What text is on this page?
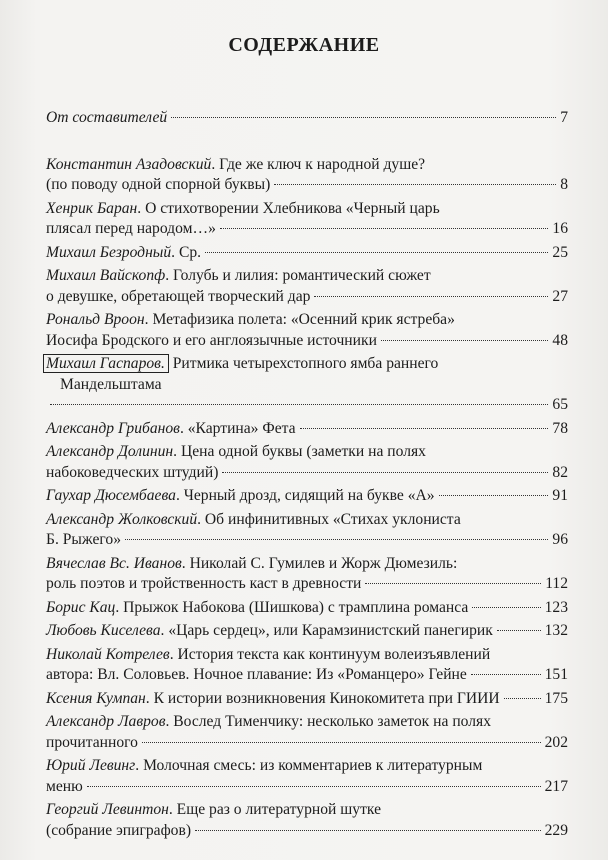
СОДЕРЖАНИЕ
От составителей	7
Константин Азадовский. Где же ключ к народной душе?
(по поводу одной спорной буквы)	8
Хенрик Баран. О стихотворении Хлебникова «Черный царь
плясал перед народом…»	16
Михаил Безродный. Ср.	25
Михаил Вайскопф. Голубь и лилия: романтический сюжет
о девушке, обретающей творческий дар	27
Рональд Вроон. Метафизика полета: «Осенний крик ястреба»
Иосифа Бродского и его англоязычные источники	48
Михаил Гаспаров. Ритмика четырехстопного ямба раннего
Мандельштама
65
Александр Грибанов. «Картина» Фета	78
Александр Долинин. Цена одной буквы (заметки на полях
набоковедческих штудий)	82
Гаухар Дюсембаева. Черный дрозд, сидящий на букве «А»	91
Александр Жолковский. Об инфинитивных «Стихах уклониста
Б. Рыжего»	96
Вячеслав Вс. Иванов. Николай С. Гумилев и Жорж Дюмезиль:
роль поэтов и тройственность каст в древности	112
Борис Кац. Прыжок Набокова (Шишкова) с трамплина романса	123
Любовь Киселева. «Царь сердец», или Карамзинистский панегирик	132
Николай Котрелев. История текста как континуум волеизъявлений
автора: Вл. Соловьев. Ночное плавание: Из «Романцеро» Гейне	151
Ксения Кумпан. К истории возникновения Кинокомитета при ГИИИ	175
Александр Лавров. Вослед Тименчику: несколько заметок на полях
прочитанного	202
Юрий Левинг. Молочная смесь: из комментариев к литературным
меню	217
Георгий Левинтон. Еще раз о литературной шутке
(собрание эпиграфов)	229
